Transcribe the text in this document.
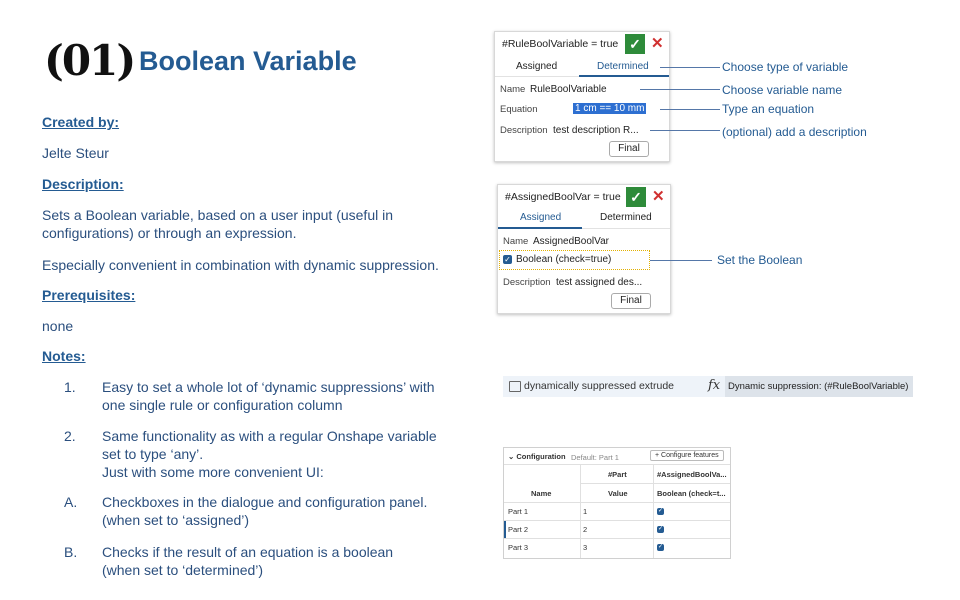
(01) Boolean Variable
Created by:
Jelte Steur
Description:
Sets a Boolean variable, based on a user input (useful in
configurations) or through an expression.
Especially convenient in combination with dynamic suppression.
Prerequisites:
none
Notes:
1. Easy to set a whole lot of ‘dynamic suppressions’ with
one single rule or configuration column
2. Same functionality as with a regular Onshape variable
set to type ‘any’.
Just with some more convenient UI:
A. Checkboxes in the dialogue and configuration panel.
(when set to ‘assigned’)
B. Checks if the result of an equation is a boolean
(when set to ‘determined’)
#RuleBoolVariable = true ✓ ✕
Assigned	Determined
Name RuleBoolVariable
Equation	1 cm == 10 mm
Description test description R...
Final
#AssignedBoolVar = true ✓ ✕
Assigned	Determined
Name AssignedBoolVar
✓ Boolean (check=true)
Description test assigned des...
Final
Choose type of variable
Choose variable name
Type an equation
(optional) add a description
Set the Boolean
dynamically suppressed extrude	fx Dynamic suppression: (#RuleBoolVariable)
⌄ Configuration Default: Part 1	+ Configure features
#Part	#AssignedBoolVa...
Name	Value	Boolean (check=t...
Part 1	1	✓
Part 2	2	✓
Part 3	3	✓
